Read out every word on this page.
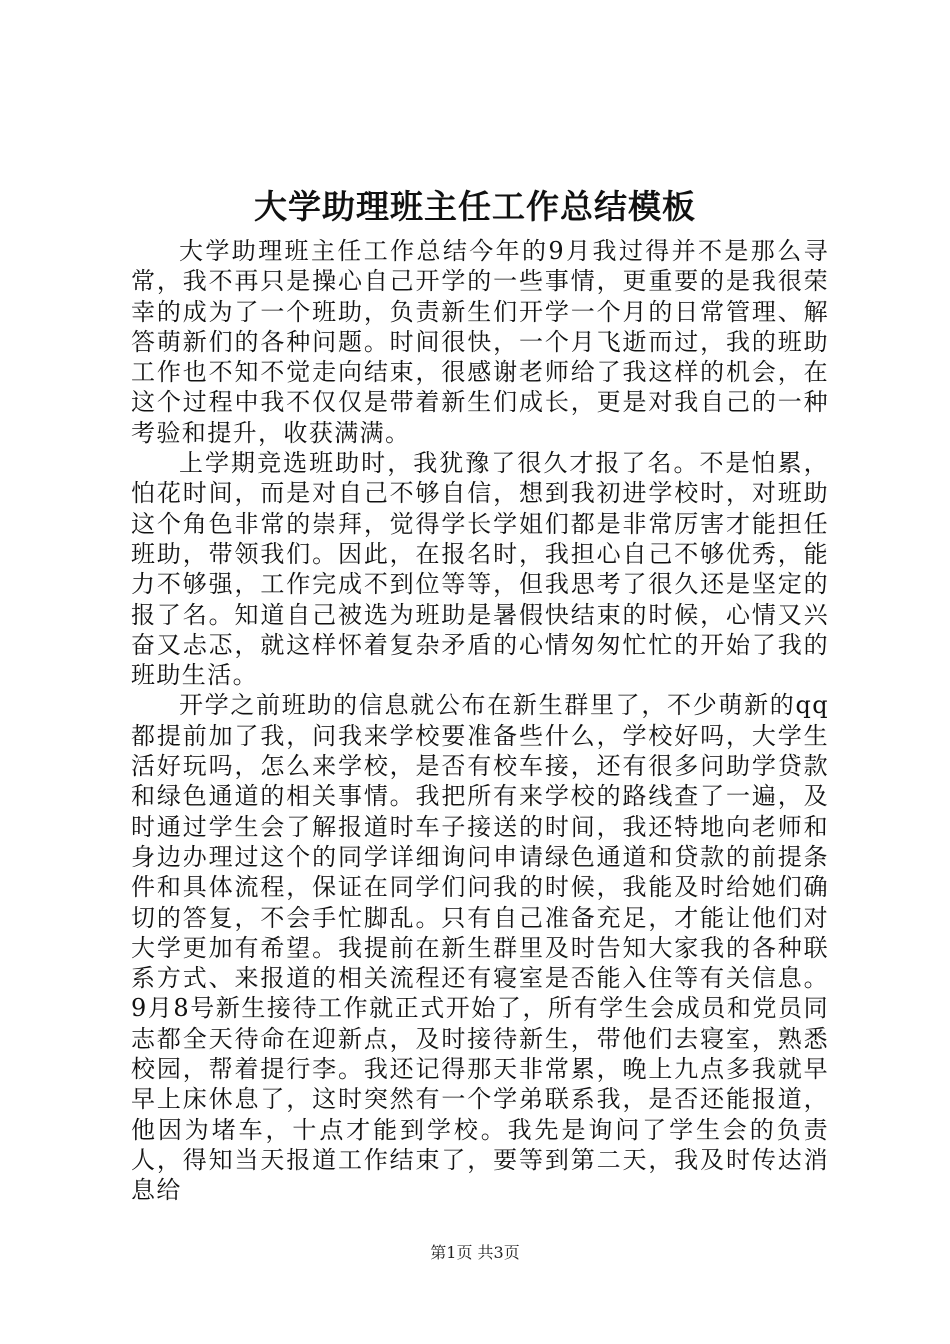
大学助理班主任工作总结模板

大学助理班主任工作总结今年的9月我过得并不是那么寻常，我不再只是操心自己开学的一些事情，更重要的是我很荣幸的成为了一个班助，负责新生们开学一个月的日常管理、解答萌新们的各种问题。时间很快，一个月飞逝而过，我的班助工作也不知不觉走向结束，很感谢老师给了我这样的机会，在这个过程中我不仅仅是带着新生们成长，更是对我自己的一种考验和提升，收获满满。

上学期竞选班助时，我犹豫了很久才报了名。不是怕累，怕花时间，而是对自己不够自信，想到我初进学校时，对班助这个角色非常的崇拜，觉得学长学姐们都是非常厉害才能担任班助，带领我们。因此，在报名时，我担心自己不够优秀，能力不够强，工作完成不到位等等，但我思考了很久还是坚定的报了名。知道自己被选为班助是暑假快结束的时候，心情又兴奋又忐忑，就这样怀着复杂矛盾的心情匆匆忙忙的开始了我的班助生活。

开学之前班助的信息就公布在新生群里了，不少萌新的qq都提前加了我，问我来学校要准备些什么，学校好吗，大学生活好玩吗，怎么来学校，是否有校车接，还有很多问助学贷款和绿色通道的相关事情。我把所有来学校的路线查了一遍，及时通过学生会了解报道时车子接送的时间，我还特地向老师和身边办理过这个的同学详细询问申请绿色通道和贷款的前提条件和具体流程，保证在同学们问我的时候，我能及时给她们确切的答复，不会手忙脚乱。只有自己准备充足，才能让他们对大学更加有希望。我提前在新生群里及时告知大家我的各种联系方式、来报道的相关流程还有寝室是否能入住等有关信息。9月8号新生接待工作就正式开始了，所有学生会成员和党员同志都全天待命在迎新点，及时接待新生，带他们去寝室，熟悉校园，帮着提行李。我还记得那天非常累，晚上九点多我就早早上床休息了，这时突然有一个学弟联系我，是否还能报道，他因为堵车，十点才能到学校。我先是询问了学生会的负责人，得知当天报道工作结束了，要等到第二天，我及时传达消息给

第1页 共3页
